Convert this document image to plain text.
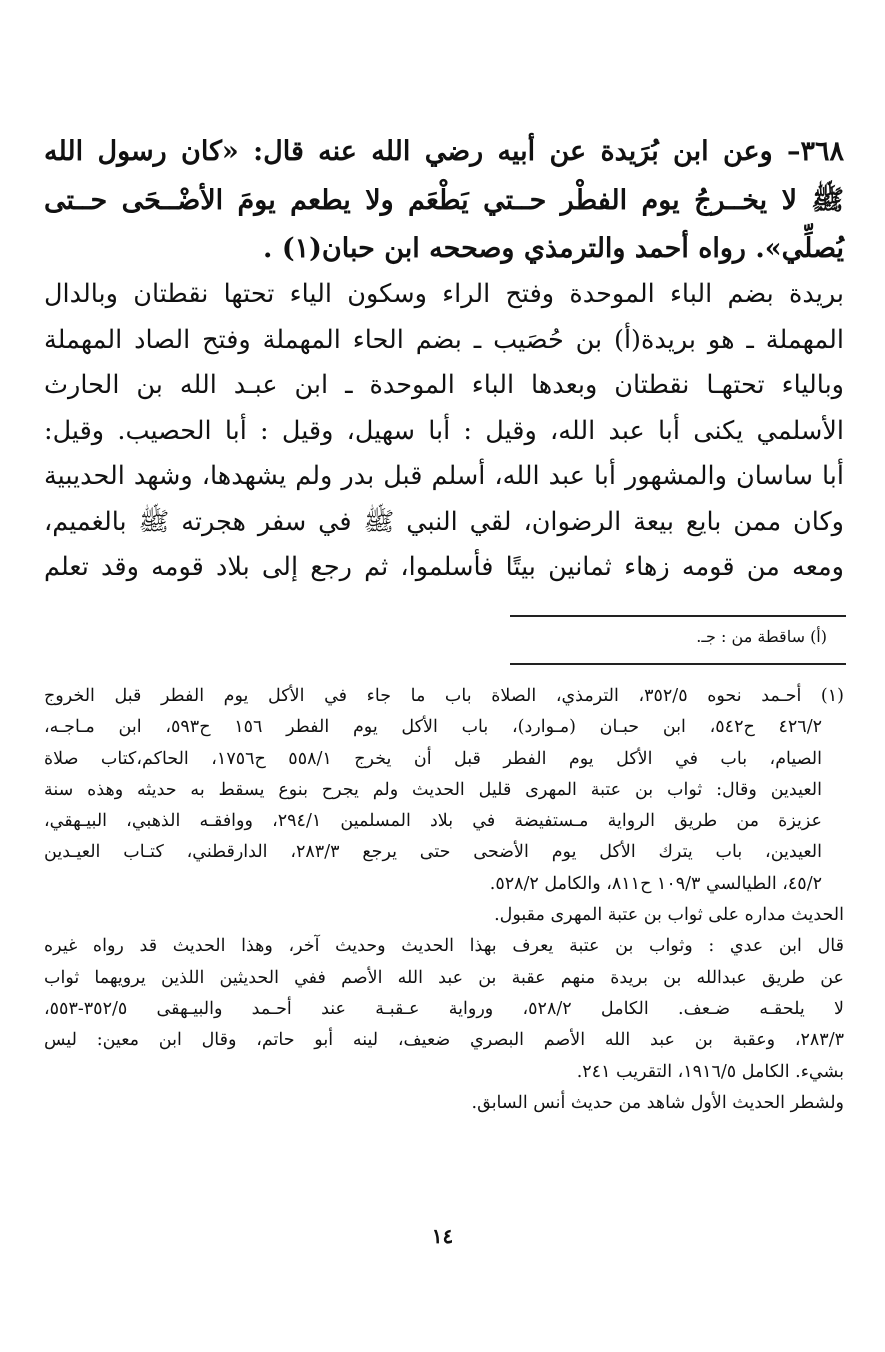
٣٦٨– وعن ابن بُرَيدة عن أبيه رضي الله عنه قال: «كان رسول الله
ﷺ لا يخــرجُ يوم الفطْر حــتي يَطْعَم ولا يطعم يومَ الأضْــحَى حــتى
يُصلِّي». رواه أحمد والترمذي وصححه ابن حبان(١) .
بريدة بضم الباء الموحدة وفتح الراء وسكون الياء تحتها نقطتان وبالدال
المهملة ـ هو بريدة(أ) بن حُصَيب ـ بضم الحاء المهملة وفتح الصاد المهملة
وبالياء تحتهـا نقطتان وبعدها الباء الموحدة ـ ابن عبـد الله بن الحارث
الأسلمي يكنى أبا عبد الله، وقيل : أبا سهيل، وقيل : أبا الحصيب. وقيل:
أبا ساسان والمشهور أبا عبد الله، أسلم قبل بدر ولم يشهدها، وشهد الحديبية
وكان ممن بايع بيعة الرضوان، لقي النبي ﷺ في سفر هجرته ﷺ بالغميم،
ومعه من قومه زهاء ثمانين بيتًا فأسلموا، ثم رجع إلى بلاد قومه وقد تعلم
(أ) ساقطة من : جـ.
(١) أحـمد نحوه ٣٥٢/٥، الترمذي، الصلاة باب ما جاء في الأكل يوم الفطر قبل الخروج
٤٢٦/٢ ح٥٤٢، ابن حبـان (مـوارد)، باب الأكل يوم الفطر ١٥٦ ح٥٩٣، ابن مـاجـه،
الصيام، باب في الأكل يوم الفطر قبل أن يخرج ٥٥٨/١ ح١٧٥٦، الحاكم،كتاب صلاة
العيدين وقال: ثواب بن عتبة المهرى قليل الحديث ولم يجرح بنوع يسقط به حديثه وهذه سنة
عزيزة من طريق الرواية مـستفيضة في بلاد المسلمين ٢٩٤/١، ووافقـه الذهبي، البيـهقي،
العيدين، باب يترك الأكل يوم الأضحى حتى يرجع ٢٨٣/٣، الدارقطني، كتـاب العيـدين
٤٥/٢، الطيالسي ١٠٩/٣ ح٨١١، والكامل ٥٢٨/٢.
الحديث مداره على ثواب بن عتبة المهرى مقبول.
قال ابن عدي : وثواب بن عتبة يعرف بهذا الحديث وحديث آخر، وهذا الحديث قد رواه غيره
عن طريق عبدالله بن بريدة منهم عقبة بن عبد الله الأصم ففي الحديثين اللذين يرويهما ثواب
لا يلحقـه ضـعف. الكامل ٥٢٨/٢، ورواية عـقبـة عند أحـمد والبيـهقى ٣٥٢/٥-٥٥٣،
٢٨٣/٣، وعقبة بن عبد الله الأصم البصري ضعيف، لينه أبو حاتم، وقال ابن معين: ليس
بشيء. الكامل ١٩١٦/٥، التقريب ٢٤١.
ولشطر الحديث الأول شاهد من حديث أنس السابق.
١٤
